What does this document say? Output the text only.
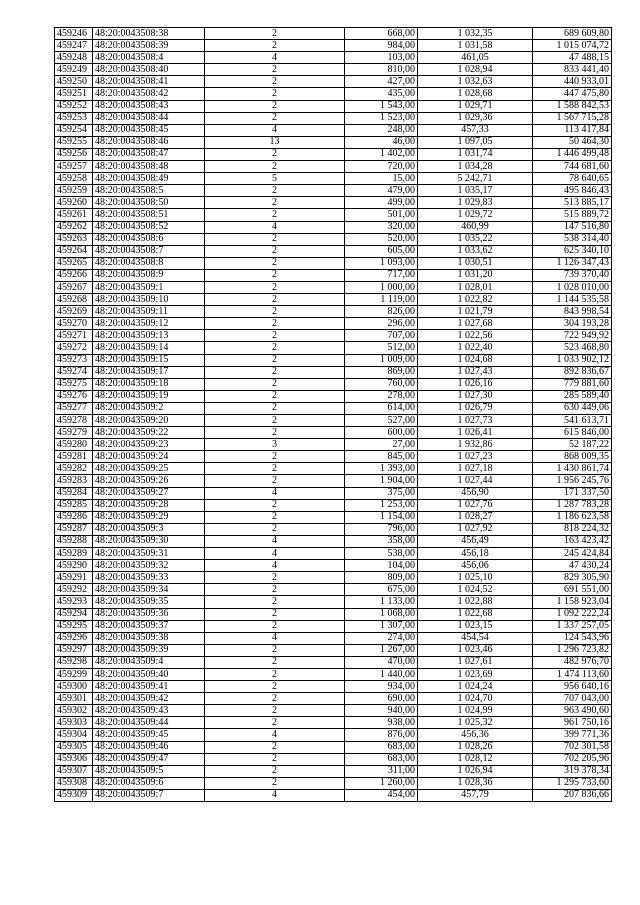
459246	48:20:0043508:38	2	668,00	1 032,35	689 609,80
459247	48:20:0043508:39	2	984,00	1 031,58	1 015 074,72
459248	48:20:0043508:4	4	103,00	461,05	47 488,15
459249	48:20:0043508:40	2	810,00	1 028,94	833 441,40
459250	48:20:0043508:41	2	427,00	1 032,63	440 933,01
459251	48:20:0043508:42	2	435,00	1 028,68	447 475,80
459252	48:20:0043508:43	2	1 543,00	1 029,71	1 588 842,53
459253	48:20:0043508:44	2	1 523,00	1 029,36	1 567 715,28
459254	48:20:0043508:45	4	248,00	457,33	113 417,84
459255	48:20:0043508:46	13	46,00	1 097,05	50 464,30
459256	48:20:0043508:47	2	1 402,00	1 031,74	1 446 499,48
459257	48:20:0043508:48	2	720,00	1 034,28	744 681,60
459258	48:20:0043508:49	5	15,00	5 242,71	78 640,65
459259	48:20:0043508:5	2	479,00	1 035,17	495 846,43
459260	48:20:0043508:50	2	499,00	1 029,83	513 885,17
459261	48:20:0043508:51	2	501,00	1 029,72	515 889,72
459262	48:20:0043508:52	4	320,00	460,99	147 516,80
459263	48:20:0043508:6	2	520,00	1 035,22	538 314,40
459264	48:20:0043508:7	2	605,00	1 033,62	625 340,10
459265	48:20:0043508:8	2	1 093,00	1 030,51	1 126 347,43
459266	48:20:0043508:9	2	717,00	1 031,20	739 370,40
459267	48:20:0043509:1	2	1 000,00	1 028,01	1 028 010,00
459268	48:20:0043509:10	2	1 119,00	1 022,82	1 144 535,58
459269	48:20:0043509:11	2	826,00	1 021,79	843 998,54
459270	48:20:0043509:12	2	296,00	1 027,68	304 193,28
459271	48:20:0043509:13	2	707,00	1 022,56	722 949,92
459272	48:20:0043509:14	2	512,00	1 022,40	523 468,80
459273	48:20:0043509:15	2	1 009,00	1 024,68	1 033 902,12
459274	48:20:0043509:17	2	869,00	1 027,43	892 836,67
459275	48:20:0043509:18	2	760,00	1 026,16	779 881,60
459276	48:20:0043509:19	2	278,00	1 027,30	285 589,40
459277	48:20:0043509:2	2	614,00	1 026,79	630 449,06
459278	48:20:0043509:20	2	527,00	1 027,73	541 613,71
459279	48:20:0043509:22	2	600,00	1 026,41	615 846,00
459280	48:20:0043509:23	3	27,00	1 932,86	52 187,22
459281	48:20:0043509:24	2	845,00	1 027,23	868 009,35
459282	48:20:0043509:25	2	1 393,00	1 027,18	1 430 861,74
459283	48:20:0043509:26	2	1 904,00	1 027,44	1 956 245,76
459284	48:20:0043509:27	4	375,00	456,90	171 337,50
459285	48:20:0043509:28	2	1 253,00	1 027,76	1 287 783,28
459286	48:20:0043509:29	2	1 154,00	1 028,27	1 186 623,58
459287	48:20:0043509:3	2	796,00	1 027,92	818 224,32
459288	48:20:0043509:30	4	358,00	456,49	163 423,42
459289	48:20:0043509:31	4	538,00	456,18	245 424,84
459290	48:20:0043509:32	4	104,00	456,06	47 430,24
459291	48:20:0043509:33	2	809,00	1 025,10	829 305,90
459292	48:20:0043509:34	2	675,00	1 024,52	691 551,00
459293	48:20:0043509:35	2	1 133,00	1 022,88	1 158 923,04
459294	48:20:0043509:36	2	1 068,00	1 022,68	1 092 222,24
459295	48:20:0043509:37	2	1 307,00	1 023,15	1 337 257,05
459296	48:20:0043509:38	4	274,00	454,54	124 543,96
459297	48:20:0043509:39	2	1 267,00	1 023,46	1 296 723,82
459298	48:20:0043509:4	2	470,00	1 027,61	482 976,70
459299	48:20:0043509:40	2	1 440,00	1 023,69	1 474 113,60
459300	48:20:0043509:41	2	934,00	1 024,24	956 640,16
459301	48:20:0043509:42	2	690,00	1 024,70	707 043,00
459302	48:20:0043509:43	2	940,00	1 024,99	963 490,60
459303	48:20:0043509:44	2	938,00	1 025,32	961 750,16
459304	48:20:0043509:45	4	876,00	456,36	399 771,36
459305	48:20:0043509:46	2	683,00	1 028,26	702 301,58
459306	48:20:0043509:47	2	683,00	1 028,12	702 205,96
459307	48:20:0043509:5	2	311,00	1 026,94	319 378,34
459308	48:20:0043509:6	2	1 260,00	1 028,36	1 295 733,60
459309	48:20:0043509:7	4	454,00	457,79	207 836,66
